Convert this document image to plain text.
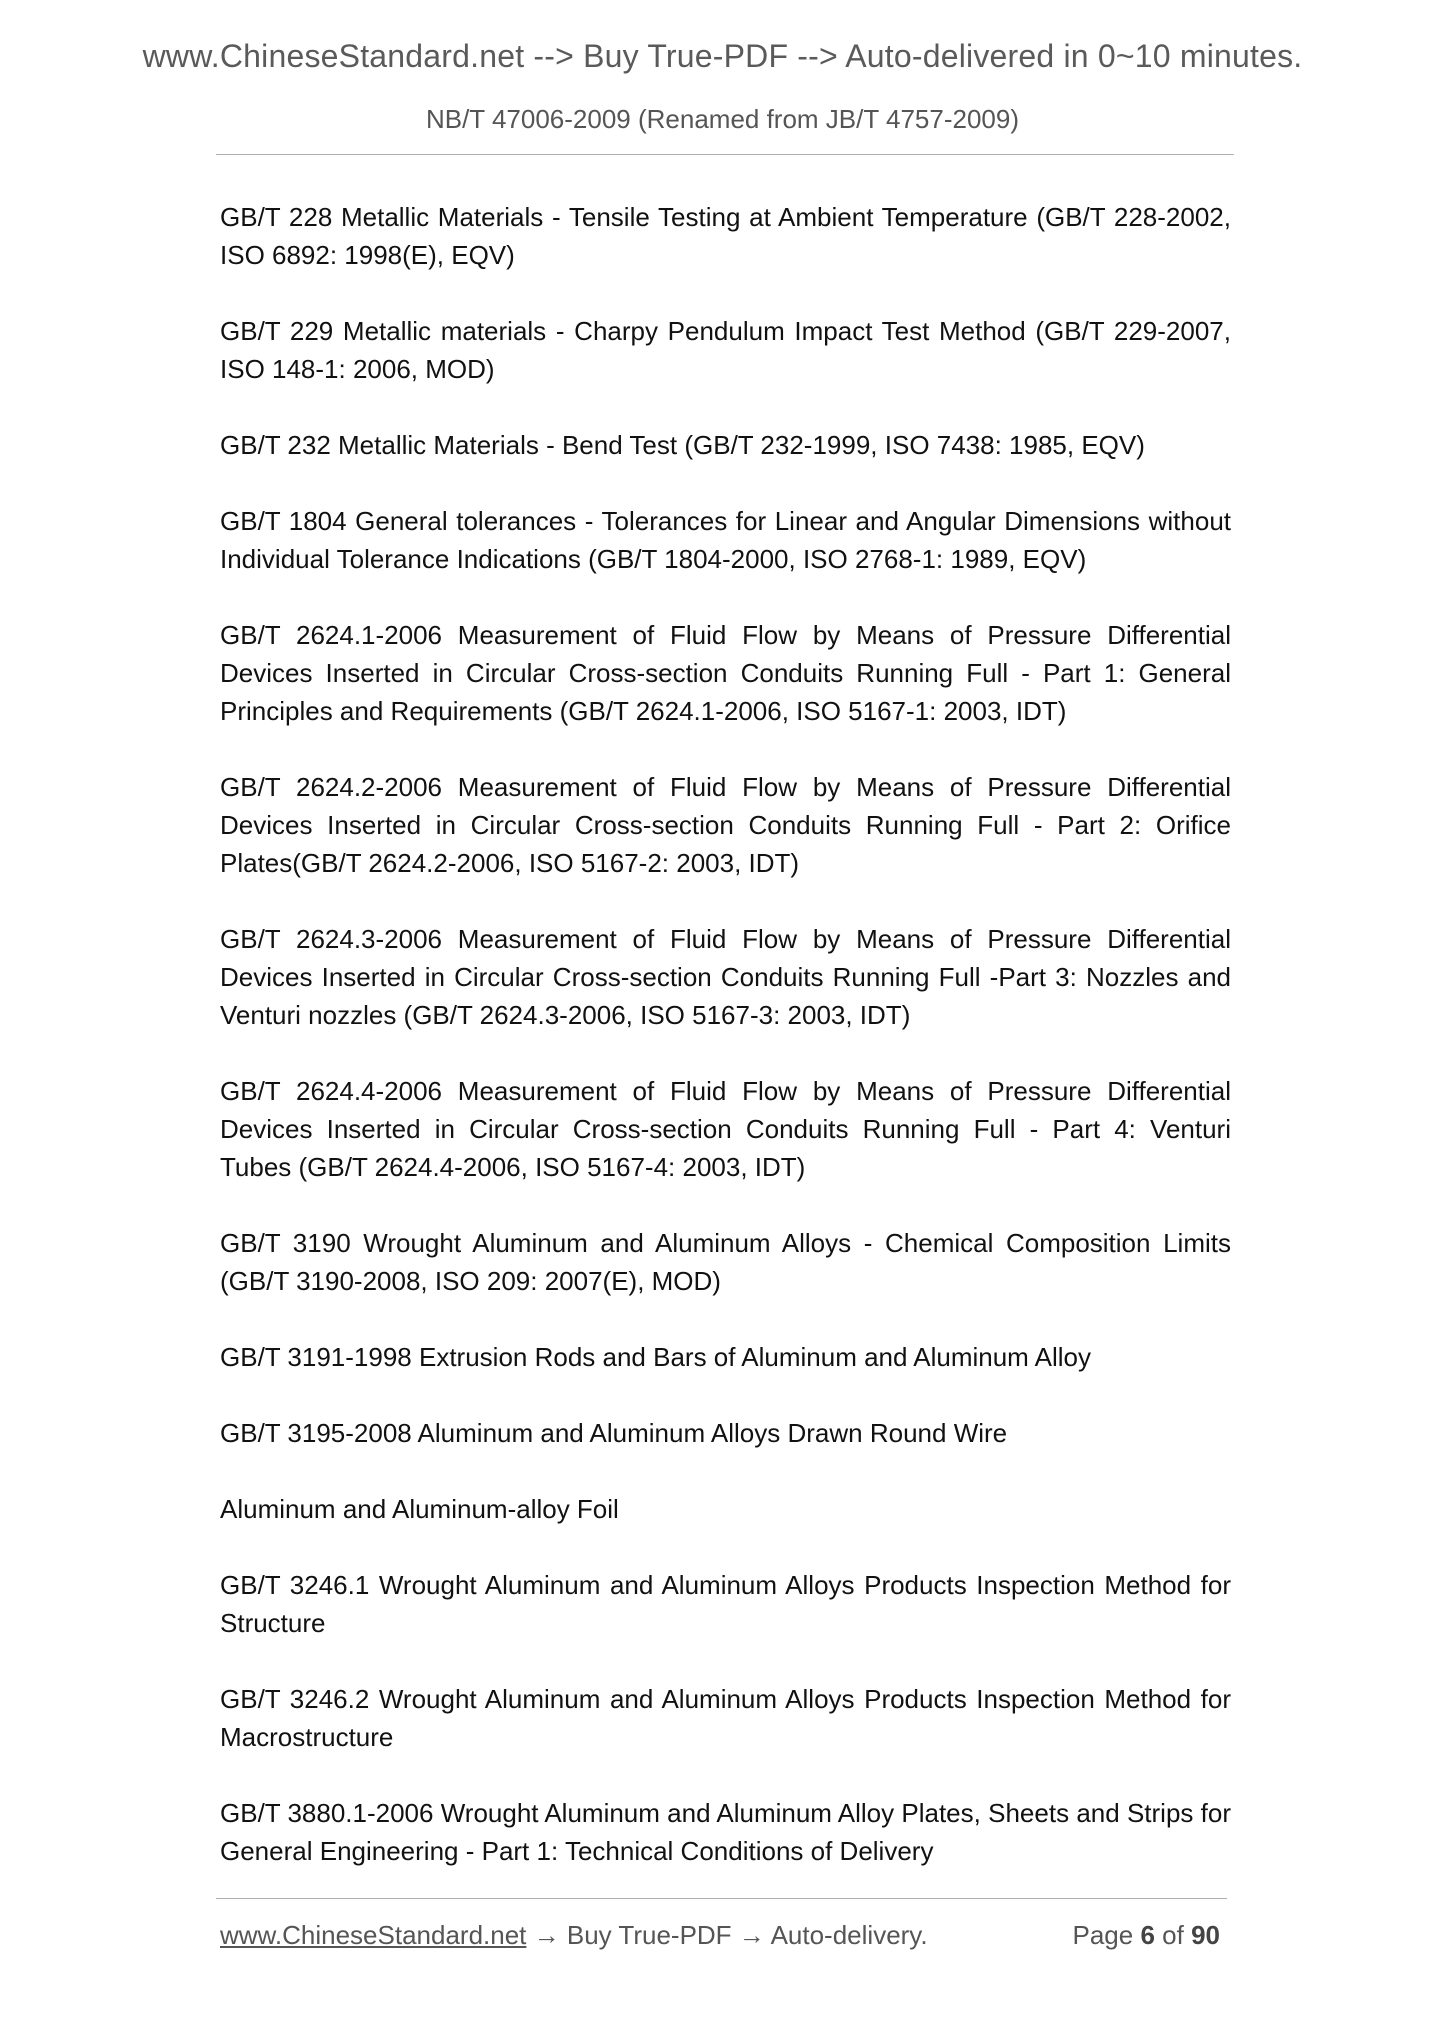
www.ChineseStandard.net --> Buy True-PDF --> Auto-delivered in 0~10 minutes.
NB/T 47006-2009 (Renamed from JB/T 4757-2009)

GB/T 228 Metallic Materials - Tensile Testing at Ambient Temperature (GB/T 228-2002, ISO 6892: 1998(E), EQV)

GB/T 229 Metallic materials - Charpy Pendulum Impact Test Method (GB/T 229-2007, ISO 148-1: 2006, MOD)

GB/T 232 Metallic Materials - Bend Test (GB/T 232-1999, ISO 7438: 1985, EQV)

GB/T 1804 General tolerances - Tolerances for Linear and Angular Dimensions without Individual Tolerance Indications (GB/T 1804-2000, ISO 2768-1: 1989, EQV)

GB/T 2624.1-2006 Measurement of Fluid Flow by Means of Pressure Differential Devices Inserted in Circular Cross-section Conduits Running Full - Part 1: General Principles and Requirements (GB/T 2624.1-2006, ISO 5167-1: 2003, IDT)

GB/T 2624.2-2006 Measurement of Fluid Flow by Means of Pressure Differential Devices Inserted in Circular Cross-section Conduits Running Full - Part 2: Orifice Plates(GB/T 2624.2-2006, ISO 5167-2: 2003, IDT)

GB/T 2624.3-2006 Measurement of Fluid Flow by Means of Pressure Differential Devices Inserted in Circular Cross-section Conduits Running Full -Part 3: Nozzles and Venturi nozzles (GB/T 2624.3-2006, ISO 5167-3: 2003, IDT)

GB/T 2624.4-2006 Measurement of Fluid Flow by Means of Pressure Differential Devices Inserted in Circular Cross-section Conduits Running Full - Part 4: Venturi Tubes (GB/T 2624.4-2006, ISO 5167-4: 2003, IDT)

GB/T 3190 Wrought Aluminum and Aluminum Alloys - Chemical Composition Limits (GB/T 3190-2008, ISO 209: 2007(E), MOD)

GB/T 3191-1998 Extrusion Rods and Bars of Aluminum and Aluminum Alloy

GB/T 3195-2008 Aluminum and Aluminum Alloys Drawn Round Wire

Aluminum and Aluminum-alloy Foil

GB/T 3246.1 Wrought Aluminum and Aluminum Alloys Products Inspection Method for Structure

GB/T 3246.2 Wrought Aluminum and Aluminum Alloys Products Inspection Method for Macrostructure

GB/T 3880.1-2006 Wrought Aluminum and Aluminum Alloy Plates, Sheets and Strips for General Engineering - Part 1: Technical Conditions of Delivery

www.ChineseStandard.net → Buy True-PDF → Auto-delivery.	Page 6 of 90
